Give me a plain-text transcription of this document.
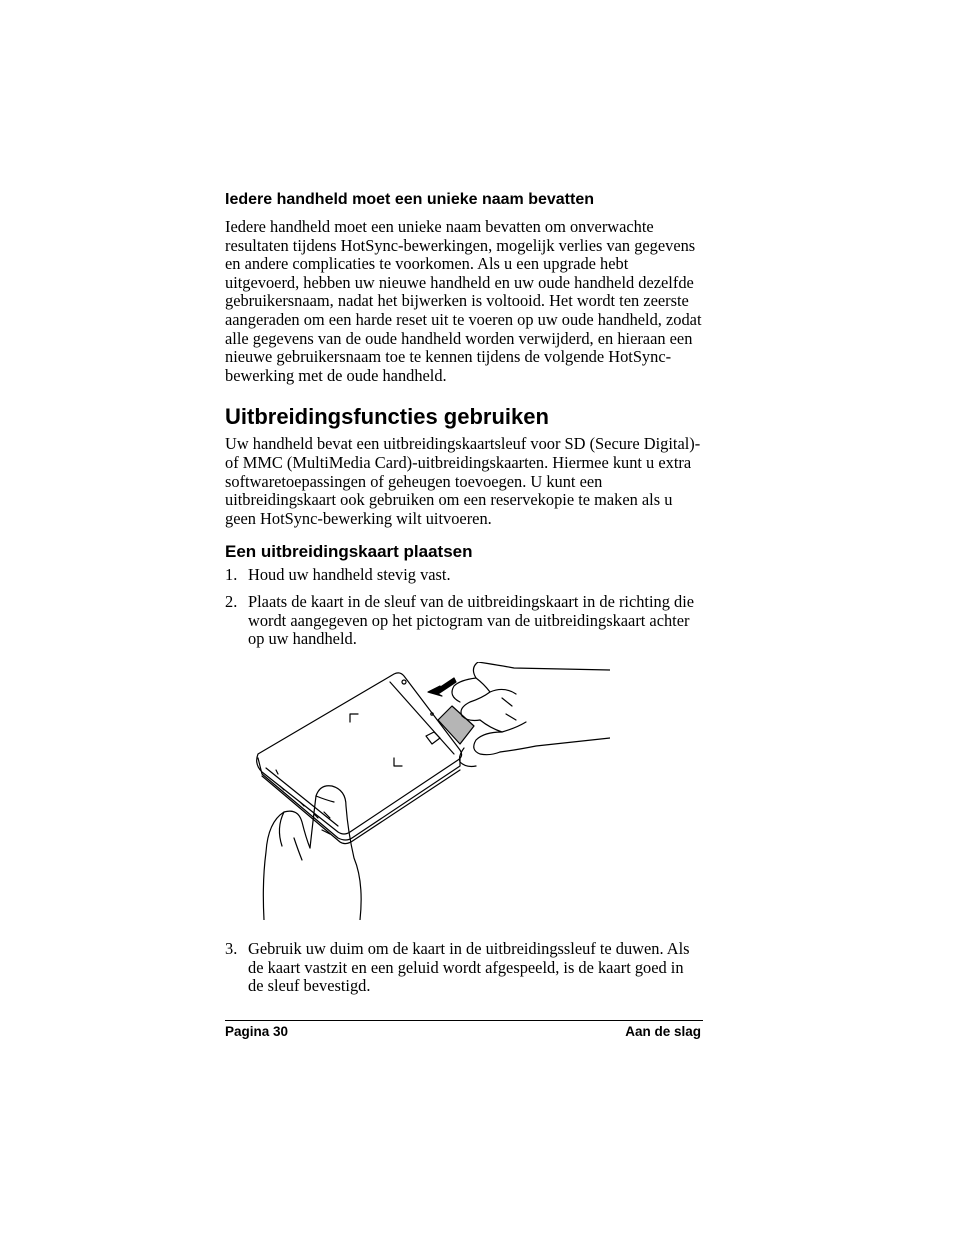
Iedere handheld moet een unieke naam bevatten

Iedere handheld moet een unieke naam bevatten om onverwachte resultaten tijdens HotSync-bewerkingen, mogelijk verlies van gegevens en andere complicaties te voorkomen. Als u een upgrade hebt uitgevoerd, hebben uw nieuwe handheld en uw oude handheld dezelfde gebruikersnaam, nadat het bijwerken is voltooid. Het wordt ten zeerste aangeraden om een harde reset uit te voeren op uw oude handheld, zodat alle gegevens van de oude handheld worden verwijderd, en hieraan een nieuwe gebruikersnaam toe te kennen tijdens de volgende HotSync-bewerking met de oude handheld.

Uitbreidingsfuncties gebruiken

Uw handheld bevat een uitbreidingskaartsleuf voor SD (Secure Digital)- of MMC (MultiMedia Card)-uitbreidingskaarten. Hiermee kunt u extra softwaretoepassingen of geheugen toevoegen. U kunt een uitbreidingskaart ook gebruiken om een reservekopie te maken als u geen HotSync-bewerking wilt uitvoeren.

Een uitbreidingskaart plaatsen
1. Houd uw handheld stevig vast.
2. Plaats de kaart in de sleuf van de uitbreidingskaart in de richting die wordt aangegeven op het pictogram van de uitbreidingskaart achter op uw handheld.
3. Gebruik uw duim om de kaart in de uitbreidingssleuf te duwen. Als de kaart vastzit en een geluid wordt afgespeeld, is de kaart goed in de sleuf bevestigd.
Pagina 30	Aan de slag
